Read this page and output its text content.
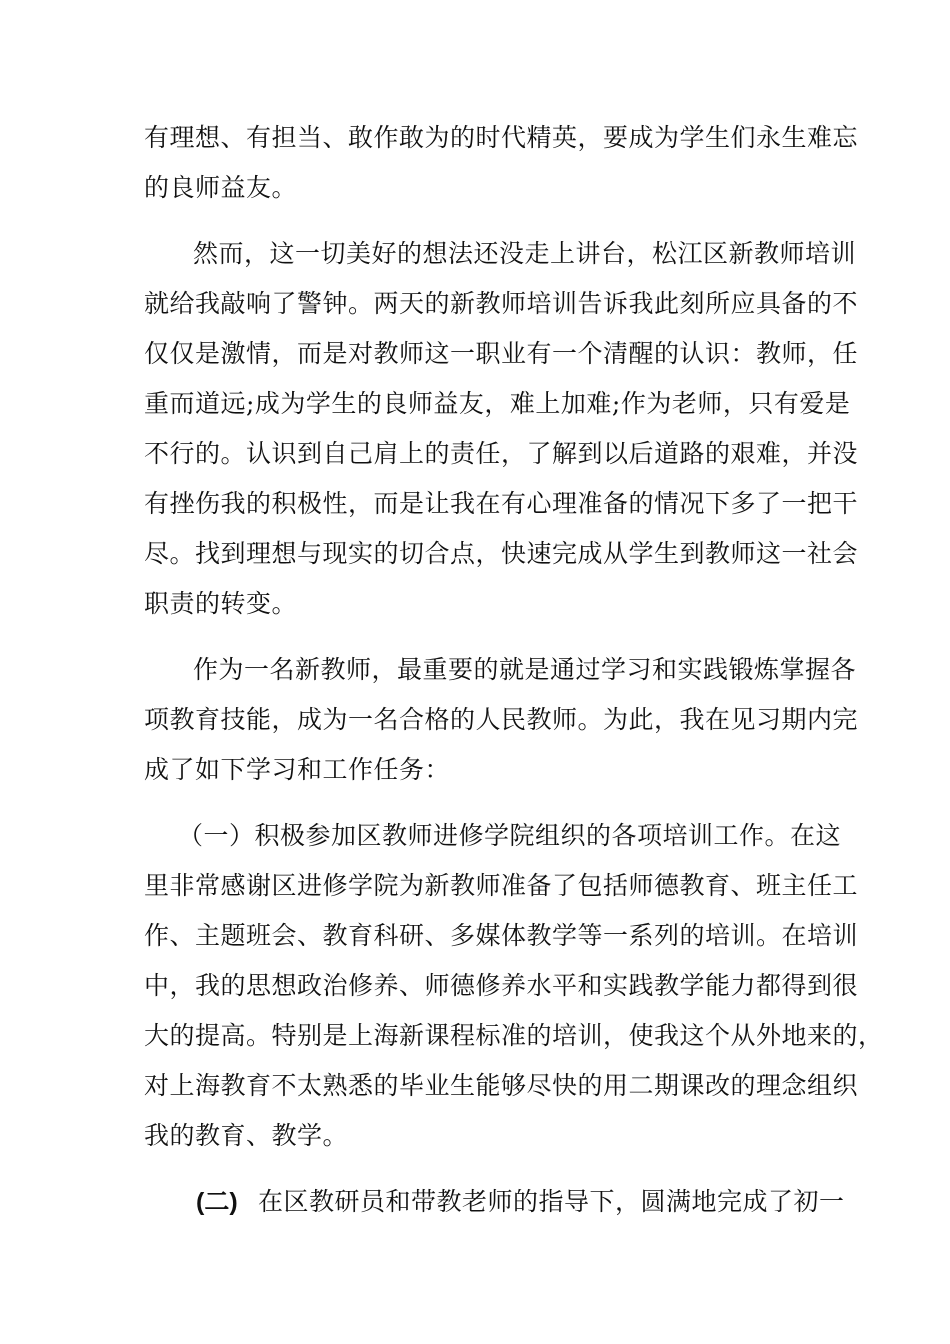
有理想、有担当、敢作敢为的时代精英，要成为学生们永生难忘
的良师益友。
然而，这一切美好的想法还没走上讲台，松江区新教师培训
就给我敲响了警钟。两天的新教师培训告诉我此刻所应具备的不
仅仅是激情，而是对教师这一职业有一个清醒的认识：教师，任
重而道远;成为学生的良师益友，难上加难;作为老师，只有爱是
不行的。认识到自己肩上的责任，了解到以后道路的艰难，并没
有挫伤我的积极性，而是让我在有心理准备的情况下多了一把干
尽。找到理想与现实的切合点，快速完成从学生到教师这一社会
职责的转变。
作为一名新教师，最重要的就是通过学习和实践锻炼掌握各
项教育技能，成为一名合格的人民教师。为此，我在见习期内完
成了如下学习和工作任务：
（一）积极参加区教师进修学院组织的各项培训工作。在这
里非常感谢区进修学院为新教师准备了包括师德教育、班主任工
作、主题班会、教育科研、多媒体教学等一系列的培训。在培训
中，我的思想政治修养、师德修养水平和实践教学能力都得到很
大的提高。特别是上海新课程标准的培训，使我这个从外地来的，
对上海教育不太熟悉的毕业生能够尽快的用二期课改的理念组织
我的教育、教学。
(二) 在区教研员和带教老师的指导下，圆满地完成了初一
